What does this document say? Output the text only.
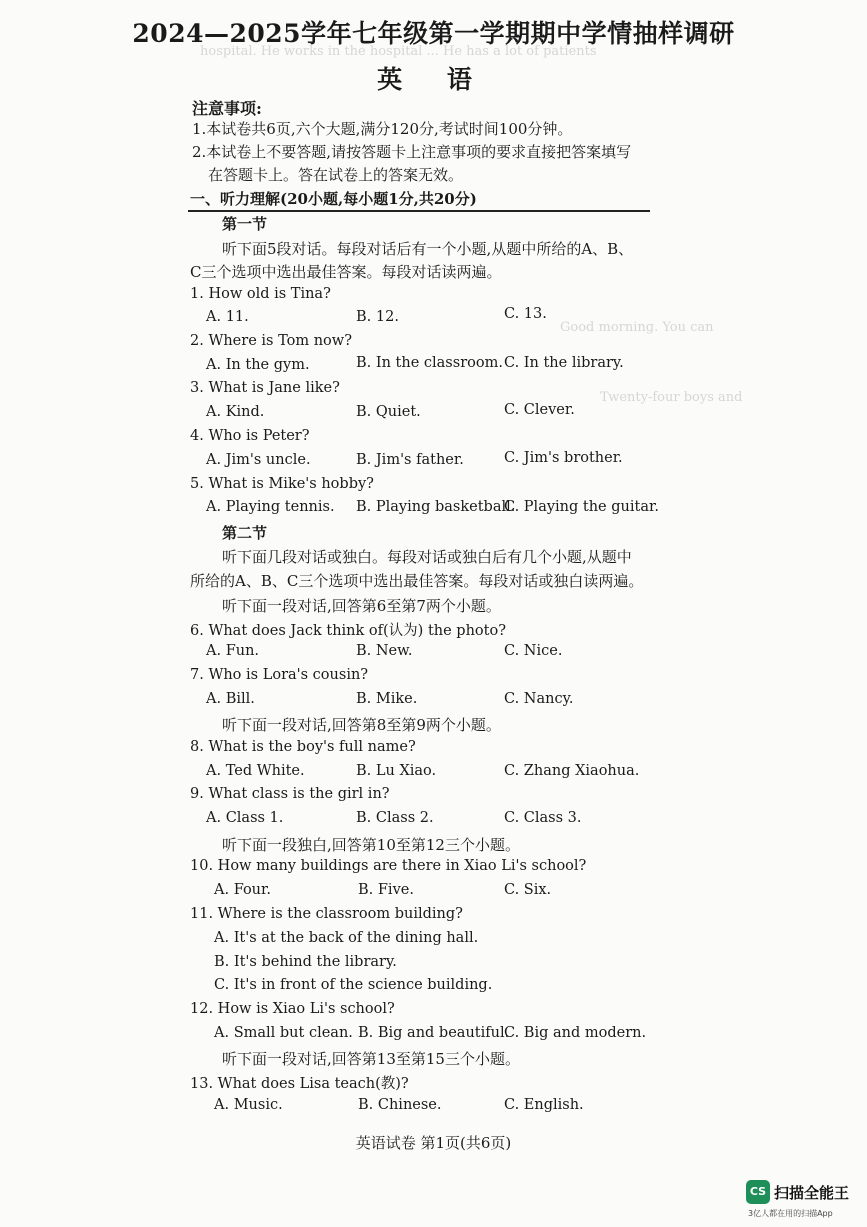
hospital. He works in the hospital ... He has a lot of patients
Good morning. You can
Twenty-four boys and
2024—2025学年七年级第一学期期中学情抽样调研
英 语
注意事项:
1.本试卷共6页,六个大题,满分120分,考试时间100分钟。
2.本试卷上不要答题,请按答题卡上注意事项的要求直接把答案填写
在答题卡上。答在试卷上的答案无效。
一、听力理解(20小题,每小题1分,共20分)
第一节
听下面5段对话。每段对话后有一个小题,从题中所给的A、B、
C三个选项中选出最佳答案。每段对话读两遍。
1. How old is Tina?
A. 11.	B. 12.	C. 13.
2. Where is Tom now?
A. In the gym.	B. In the classroom. C. In the library.
3. What is Jane like?
A. Kind.	B. Quiet.	C. Clever.
4. Who is Peter?
A. Jim's uncle.	B. Jim's father.	C. Jim's brother.
5. What is Mike's hobby?
A. Playing tennis. B. Playing basketball.
C. Playing the guitar.
第二节
听下面几段对话或独白。每段对话或独白后有几个小题,从题中
所给的A、B、C三个选项中选出最佳答案。每段对话或独白读两遍。
听下面一段对话,回答第6至第7两个小题。
6. What does Jack think of(认为) the photo?
A. Fun.	B. New.	C. Nice.
7. Who is Lora's cousin?
A. Bill.	B. Mike.	C. Nancy.
听下面一段对话,回答第8至第9两个小题。
8. What is the boy's full name?
A. Ted White.	B. Lu Xiao.	C. Zhang Xiaohua.
9. What class is the girl in?
A. Class 1.	B. Class 2.	C. Class 3.
听下面一段独白,回答第10至第12三个小题。
10. How many buildings are there in Xiao Li's school?
A. Four.	B. Five.	C. Six.
11. Where is the classroom building?
A. It's at the back of the dining hall.
B. It's behind the library.
C. It's in front of the science building.
12. How is Xiao Li's school?
A. Small but clean. B. Big and beautiful.
C. Big and modern.
听下面一段对话,回答第13至第15三个小题。
13. What does Lisa teach(教)?
A. Music.	B. Chinese.	C. English.
英语试卷 第1页(共6页)
CS 扫描全能王
3亿人都在用的扫描App
